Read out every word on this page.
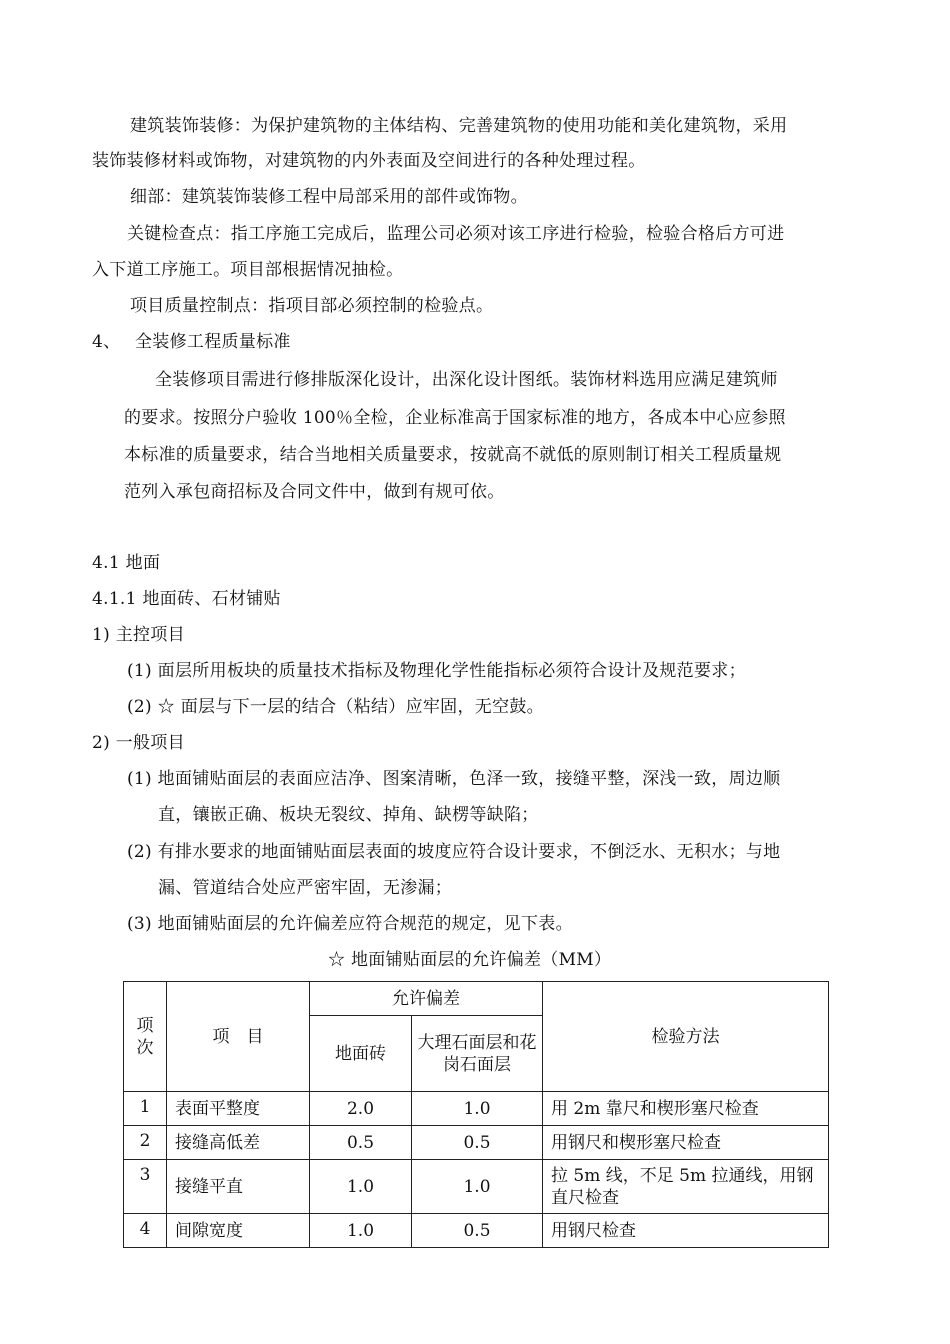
建筑装饰装修：为保护建筑物的主体结构、完善建筑物的使用功能和美化建筑物，采用
装饰装修材料或饰物，对建筑物的内外表面及空间进行的各种处理过程。
细部：建筑装饰装修工程中局部采用的部件或饰物。
关键检查点：指工序施工完成后，监理公司必须对该工序进行检验，检验合格后方可进
入下道工序施工。项目部根据情况抽检。
项目质量控制点：指项目部必须控制的检验点。
4、 全装修工程质量标准
全装修项目需进行修排版深化设计，出深化设计图纸。装饰材料选用应满足建筑师
的要求。按照分户验收 100％全检，企业标准高于国家标准的地方，各成本中心应参照
本标准的质量要求，结合当地相关质量要求，按就高不就低的原则制订相关工程质量规
范列入承包商招标及合同文件中，做到有规可依。
4.1 地面
4.1.1 地面砖、石材铺贴
1) 主控项目
(1) 面层所用板块的质量技术指标及物理化学性能指标必须符合设计及规范要求；
(2) ☆ 面层与下一层的结合（粘结）应牢固，无空鼓。
2) 一般项目
(1) 地面铺贴面层的表面应洁净、图案清晰，色泽一致，接缝平整，深浅一致，周边顺
直，镶嵌正确、板块无裂纹、掉角、缺楞等缺陷；
(2) 有排水要求的地面铺贴面层表面的坡度应符合设计要求，不倒泛水、无积水；与地
漏、管道结合处应严密牢固，无渗漏；
(3) 地面铺贴面层的允许偏差应符合规范的规定，见下表。
☆ 地面铺贴面层的允许偏差（MM）
项
次	项　目	允许偏差		检验方法
		地面砖	大理石面层和花岗石面层	
1	表面平整度	2.0	1.0	用 2m 靠尺和楔形塞尺检查
2	接缝高低差	0.5	0.5	用钢尺和楔形塞尺检查
3	接缝平直	1.0	1.0	拉 5m 线，不足 5m 拉通线，用钢直尺检查
4	间隙宽度	1.0	0.5	用钢尺检查
